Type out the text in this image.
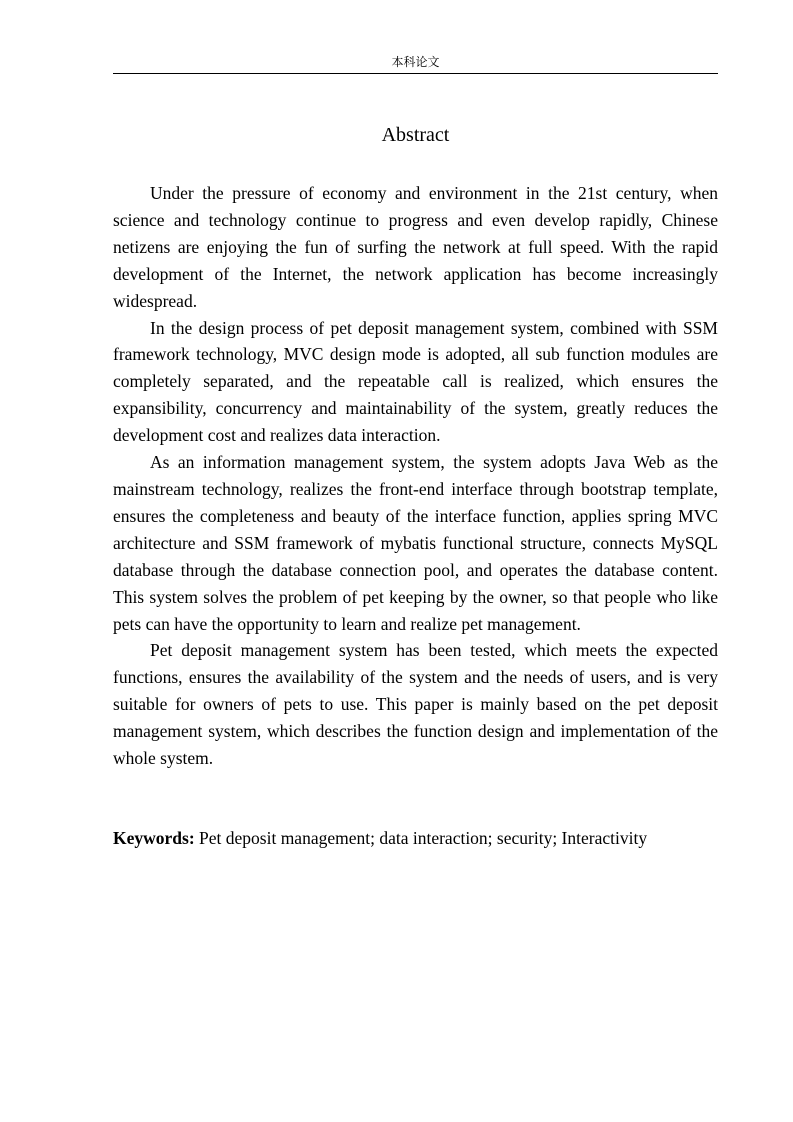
本科论文
Abstract

Under the pressure of economy and environment in the 21st century, when science and technology continue to progress and even develop rapidly, Chinese netizens are enjoying the fun of surfing the network at full speed. With the rapid development of the Internet, the network application has become increasingly widespread.

In the design process of pet deposit management system, combined with SSM framework technology, MVC design mode is adopted, all sub function modules are completely separated, and the repeatable call is realized, which ensures the expansibility, concurrency and maintainability of the system, greatly reduces the development cost and realizes data interaction.

As an information management system, the system adopts Java Web as the mainstream technology, realizes the front-end interface through bootstrap template, ensures the completeness and beauty of the interface function, applies spring MVC architecture and SSM framework of mybatis functional structure, connects MySQL database through the database connection pool, and operates the database content. This system solves the problem of pet keeping by the owner, so that people who like pets can have the opportunity to learn and realize pet management.

Pet deposit management system has been tested, which meets the expected functions, ensures the availability of the system and the needs of users, and is very suitable for owners of pets to use. This paper is mainly based on the pet deposit management system, which describes the function design and implementation of the whole system.

Keywords: Pet deposit management; data interaction; security; Interactivity
